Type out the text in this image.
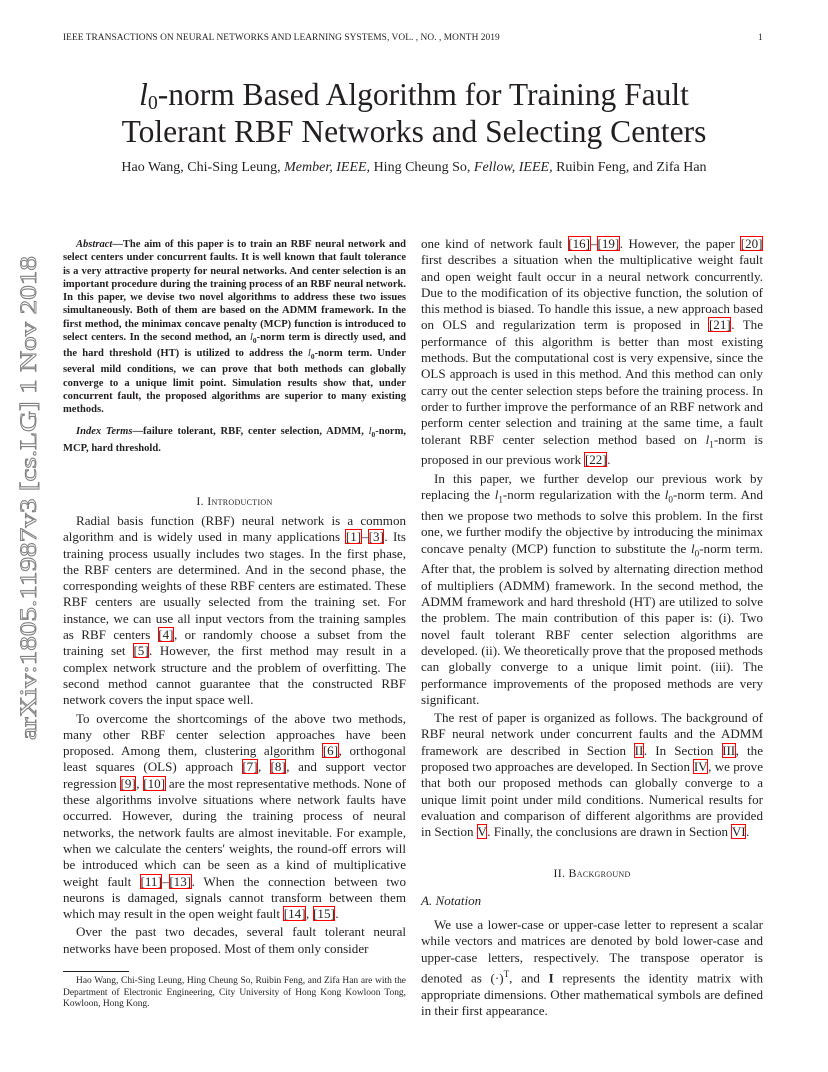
IEEE TRANSACTIONS ON NEURAL NETWORKS AND LEARNING SYSTEMS, VOL. , NO. , MONTH 2019	1
arXiv:1805.11987v3 [cs.LG] 1 Nov 2018
$l_0$-norm Based Algorithm for Training Fault
Tolerant RBF Networks and Selecting Centers
Hao Wang, Chi-Sing Leung, Member, IEEE, Hing Cheung So, Fellow, IEEE, Ruibin Feng, and Zifa Han

Abstract—The aim of this paper is to train an RBF neural network and select centers under concurrent faults. It is well known that fault tolerance is a very attractive property for neural networks. And center selection is an important procedure during the training process of an RBF neural network. In this paper, we devise two novel algorithms to address these two issues simultaneously. Both of them are based on the ADMM framework. In the first method, the minimax concave penalty (MCP) function is introduced to select centers. In the second method, an $l_0$-norm term is directly used, and the hard threshold (HT) is utilized to address the $l_0$-norm term. Under several mild conditions, we can prove that both methods can globally converge to a unique limit point. Simulation results show that, under concurrent fault, the proposed algorithms are superior to many existing methods.

Index Terms—failure tolerant, RBF, center selection, ADMM, $l_0$-norm, MCP, hard threshold.

I. Introduction

Radial basis function (RBF) neural network is a common algorithm and is widely used in many applications [1]–[3]. Its training process usually includes two stages. In the first phase, the RBF centers are determined. And in the second phase, the corresponding weights of these RBF centers are estimated. These RBF centers are usually selected from the training set. For instance, we can use all input vectors from the training samples as RBF centers [4], or randomly choose a subset from the training set [5]. However, the first method may result in a complex network structure and the problem of overfitting. The second method cannot guarantee that the constructed RBF network covers the input space well.

To overcome the shortcomings of the above two methods, many other RBF center selection approaches have been proposed. Among them, clustering algorithm [6], orthogonal least squares (OLS) approach [7], [8], and support vector regression [9], [10] are the most representative methods. None of these algorithms involve situations where network faults have occurred. However, during the training process of neural networks, the network faults are almost inevitable. For example, when we calculate the centers' weights, the round-off errors will be introduced which can be seen as a kind of multiplicative weight fault [11]–[13]. When the connection between two neurons is damaged, signals cannot transform between them which may result in the open weight fault [14], [15].

Over the past two decades, several fault tolerant neural networks have been proposed. Most of them only consider

Hao Wang, Chi-Sing Leung, Hing Cheung So, Ruibin Feng, and Zifa Han are with the Department of Electronic Engineering, City University of Hong Kong Kowloon Tong, Kowloon, Hong Kong.

one kind of network fault [16]–[19]. However, the paper [20] first describes a situation when the multiplicative weight fault and open weight fault occur in a neural network concurrently. Due to the modification of its objective function, the solution of this method is biased. To handle this issue, a new approach based on OLS and regularization term is proposed in [21]. The performance of this algorithm is better than most existing methods. But the computational cost is very expensive, since the OLS approach is used in this method. And this method can only carry out the center selection steps before the training process. In order to further improve the performance of an RBF network and perform center selection and training at the same time, a fault tolerant RBF center selection method based on $l_1$-norm is proposed in our previous work [22].

In this paper, we further develop our previous work by replacing the $l_1$-norm regularization with the $l_0$-norm term. And then we propose two methods to solve this problem. In the first one, we further modify the objective by introducing the minimax concave penalty (MCP) function to substitute the $l_0$-norm term. After that, the problem is solved by alternating direction method of multipliers (ADMM) framework. In the second method, the ADMM framework and hard threshold (HT) are utilized to solve the problem. The main contribution of this paper is: (i). Two novel fault tolerant RBF center selection algorithms are developed. (ii). We theoretically prove that the proposed methods can globally converge to a unique limit point. (iii). The performance improvements of the proposed methods are very significant.

The rest of paper is organized as follows. The background of RBF neural network under concurrent faults and the ADMM framework are described in Section II. In Section III, the proposed two approaches are developed. In Section IV, we prove that both our proposed methods can globally converge to a unique limit point under mild conditions. Numerical results for evaluation and comparison of different algorithms are provided in Section V. Finally, the conclusions are drawn in Section VI.

II. Background
A. Notation

We use a lower-case or upper-case letter to represent a scalar while vectors and matrices are denoted by bold lower-case and upper-case letters, respectively. The transpose operator is denoted as $(\cdot)^T$, and I represents the identity matrix with appropriate dimensions. Other mathematical symbols are defined in their first appearance.
